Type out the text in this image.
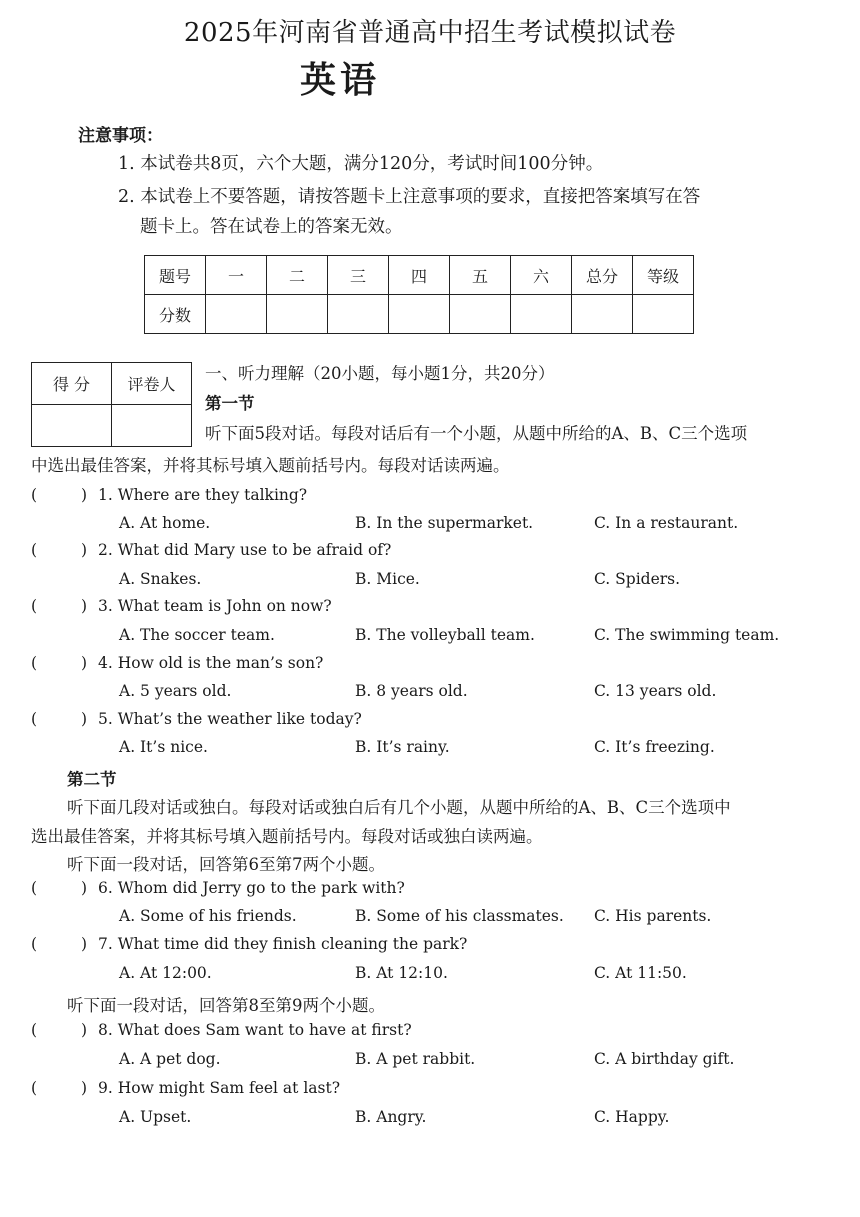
2025年河南省普通高中招生考试模拟试卷
英语
注意事项：
1. 本试卷共8页，六个大题，满分120分，考试时间100分钟。
2. 本试卷上不要答题，请按答题卡上注意事项的要求，直接把答案填写在答
题卡上。答在试卷上的答案无效。
题号	一	二	三	四	五	六	总分	等级
分数								
得 分	评卷人

一、听力理解（20小题，每小题1分，共20分）
第一节
听下面5段对话。每段对话后有一个小题，从题中所给的A、B、C三个选项
中选出最佳答案，并将其标号填入题前括号内。每段对话读两遍。
(	) 1. Where are they talking?
A. At home.	B. In the supermarket.	C. In a restaurant.
(	) 2. What did Mary use to be afraid of?
A. Snakes.	B. Mice.	C. Spiders.
(	) 3. What team is John on now?
A. The soccer team.	B. The volleyball team.	C. The swimming team.
(	) 4. How old is the man’s son?
A. 5 years old.	B. 8 years old.	C. 13 years old.
(	) 5. What’s the weather like today?
A. It’s nice.	B. It’s rainy.	C. It’s freezing.
第二节
听下面几段对话或独白。每段对话或独白后有几个小题，从题中所给的A、B、C三个选项中
选出最佳答案，并将其标号填入题前括号内。每段对话或独白读两遍。
听下面一段对话，回答第6至第7两个小题。
(	) 6. Whom did Jerry go to the park with?
A. Some of his friends.	B. Some of his classmates. C. His parents.
(	) 7. What time did they finish cleaning the park?
A. At 12:00.	B. At 12:10.	C. At 11:50.
听下面一段对话，回答第8至第9两个小题。
(	) 8. What does Sam want to have at first?
A. A pet dog.	B. A pet rabbit.	C. A birthday gift.
(	) 9. How might Sam feel at last?
A. Upset.	B. Angry.	C. Happy.
